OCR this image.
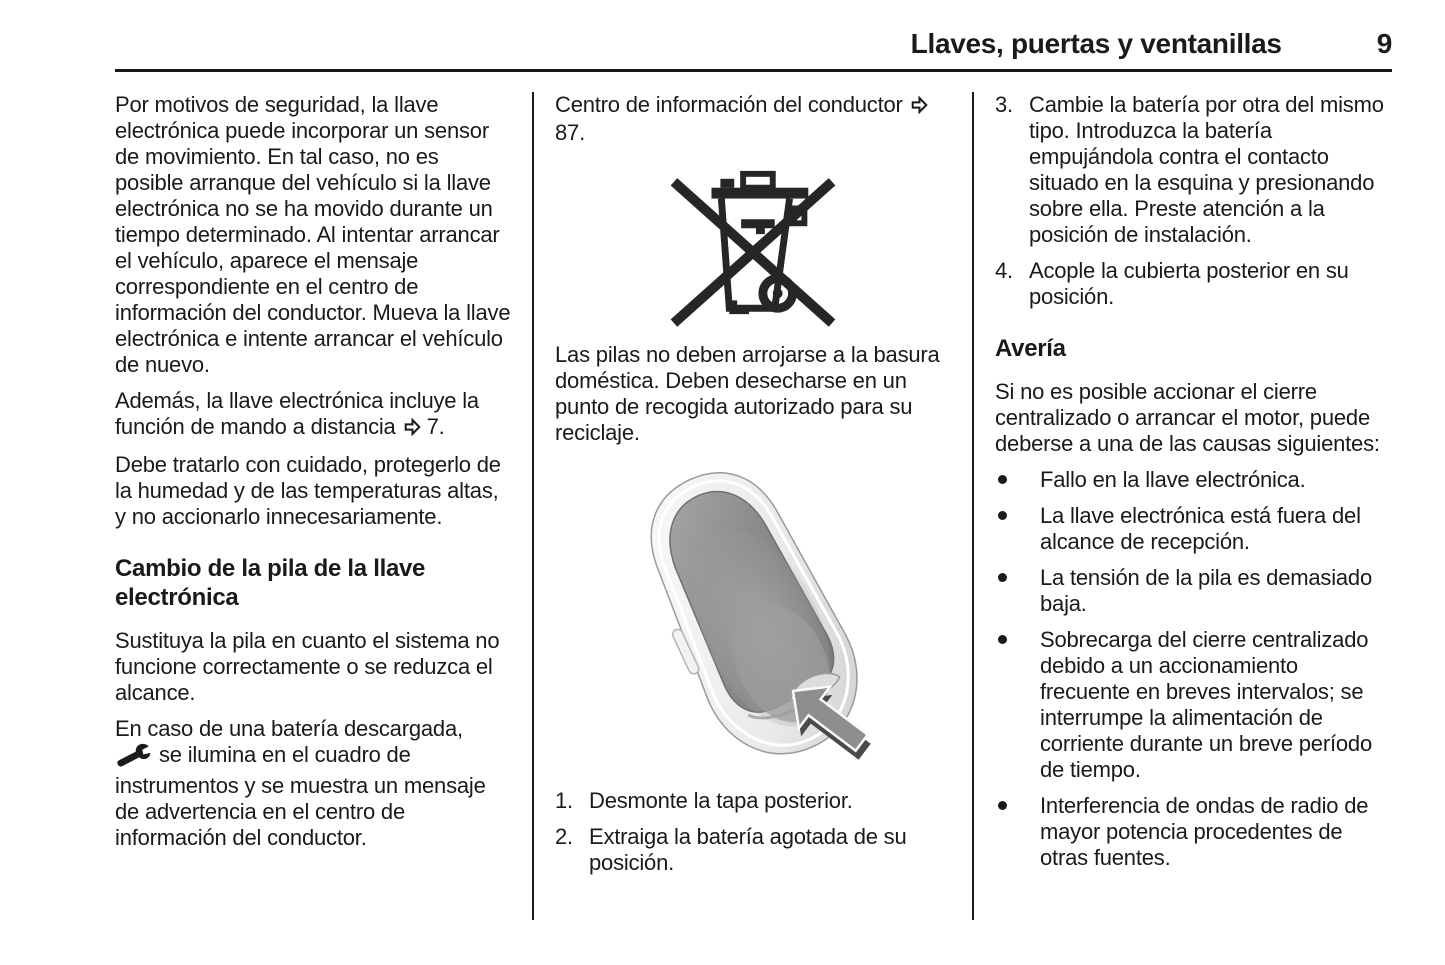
Llaves, puertas y ventanillas	9

Por motivos de seguridad, la llave electrónica puede incorporar un sensor de movimiento. En tal caso, no es posible arranque del vehículo si la llave electrónica no se ha movido durante un tiempo determinado. Al intentar arrancar el vehículo, aparece el mensaje correspondiente en el centro de información del conductor. Mueva la llave electrónica e intente arrancar el vehículo de nuevo.

Además, la llave electrónica incluye la función de mando a distancia 7.

Debe tratarlo con cuidado, protegerlo de la humedad y de las temperaturas altas, y no accionarlo innecesariamente.

Cambio de la pila de la llave electrónica

Sustituya la pila en cuanto el sistema no funcione correctamente o se reduzca el alcance.

En caso de una batería descargada, se ilumina en el cuadro de instrumentos y se muestra un mensaje de advertencia en el centro de información del conductor.

Centro de información del conductor87.

Las pilas no deben arrojarse a la basura doméstica. Deben desecharse en un punto de recogida autorizado para su reciclaje.

1. Desmonte la tapa posterior.
2. Extraiga la batería agotada de su posición.
3. Cambie la batería por otra del mismo tipo. Introduzca la batería empujándola contra el contacto situado en la esquina y presionando sobre ella. Preste atención a la posición de instalación.
4. Acople la cubierta posterior en su posición.
Avería

Si no es posible accionar el cierre centralizado o arrancar el motor, puede deberse a una de las causas siguientes:

Fallo en la llave electrónica.
La llave electrónica está fuera del alcance de recepción.
La tensión de la pila es demasiado baja.
Sobrecarga del cierre centralizado debido a un accionamiento frecuente en breves intervalos; se interrumpe la alimentación de corriente durante un breve período de tiempo.
Interferencia de ondas de radio de mayor potencia procedentes de otras fuentes.
